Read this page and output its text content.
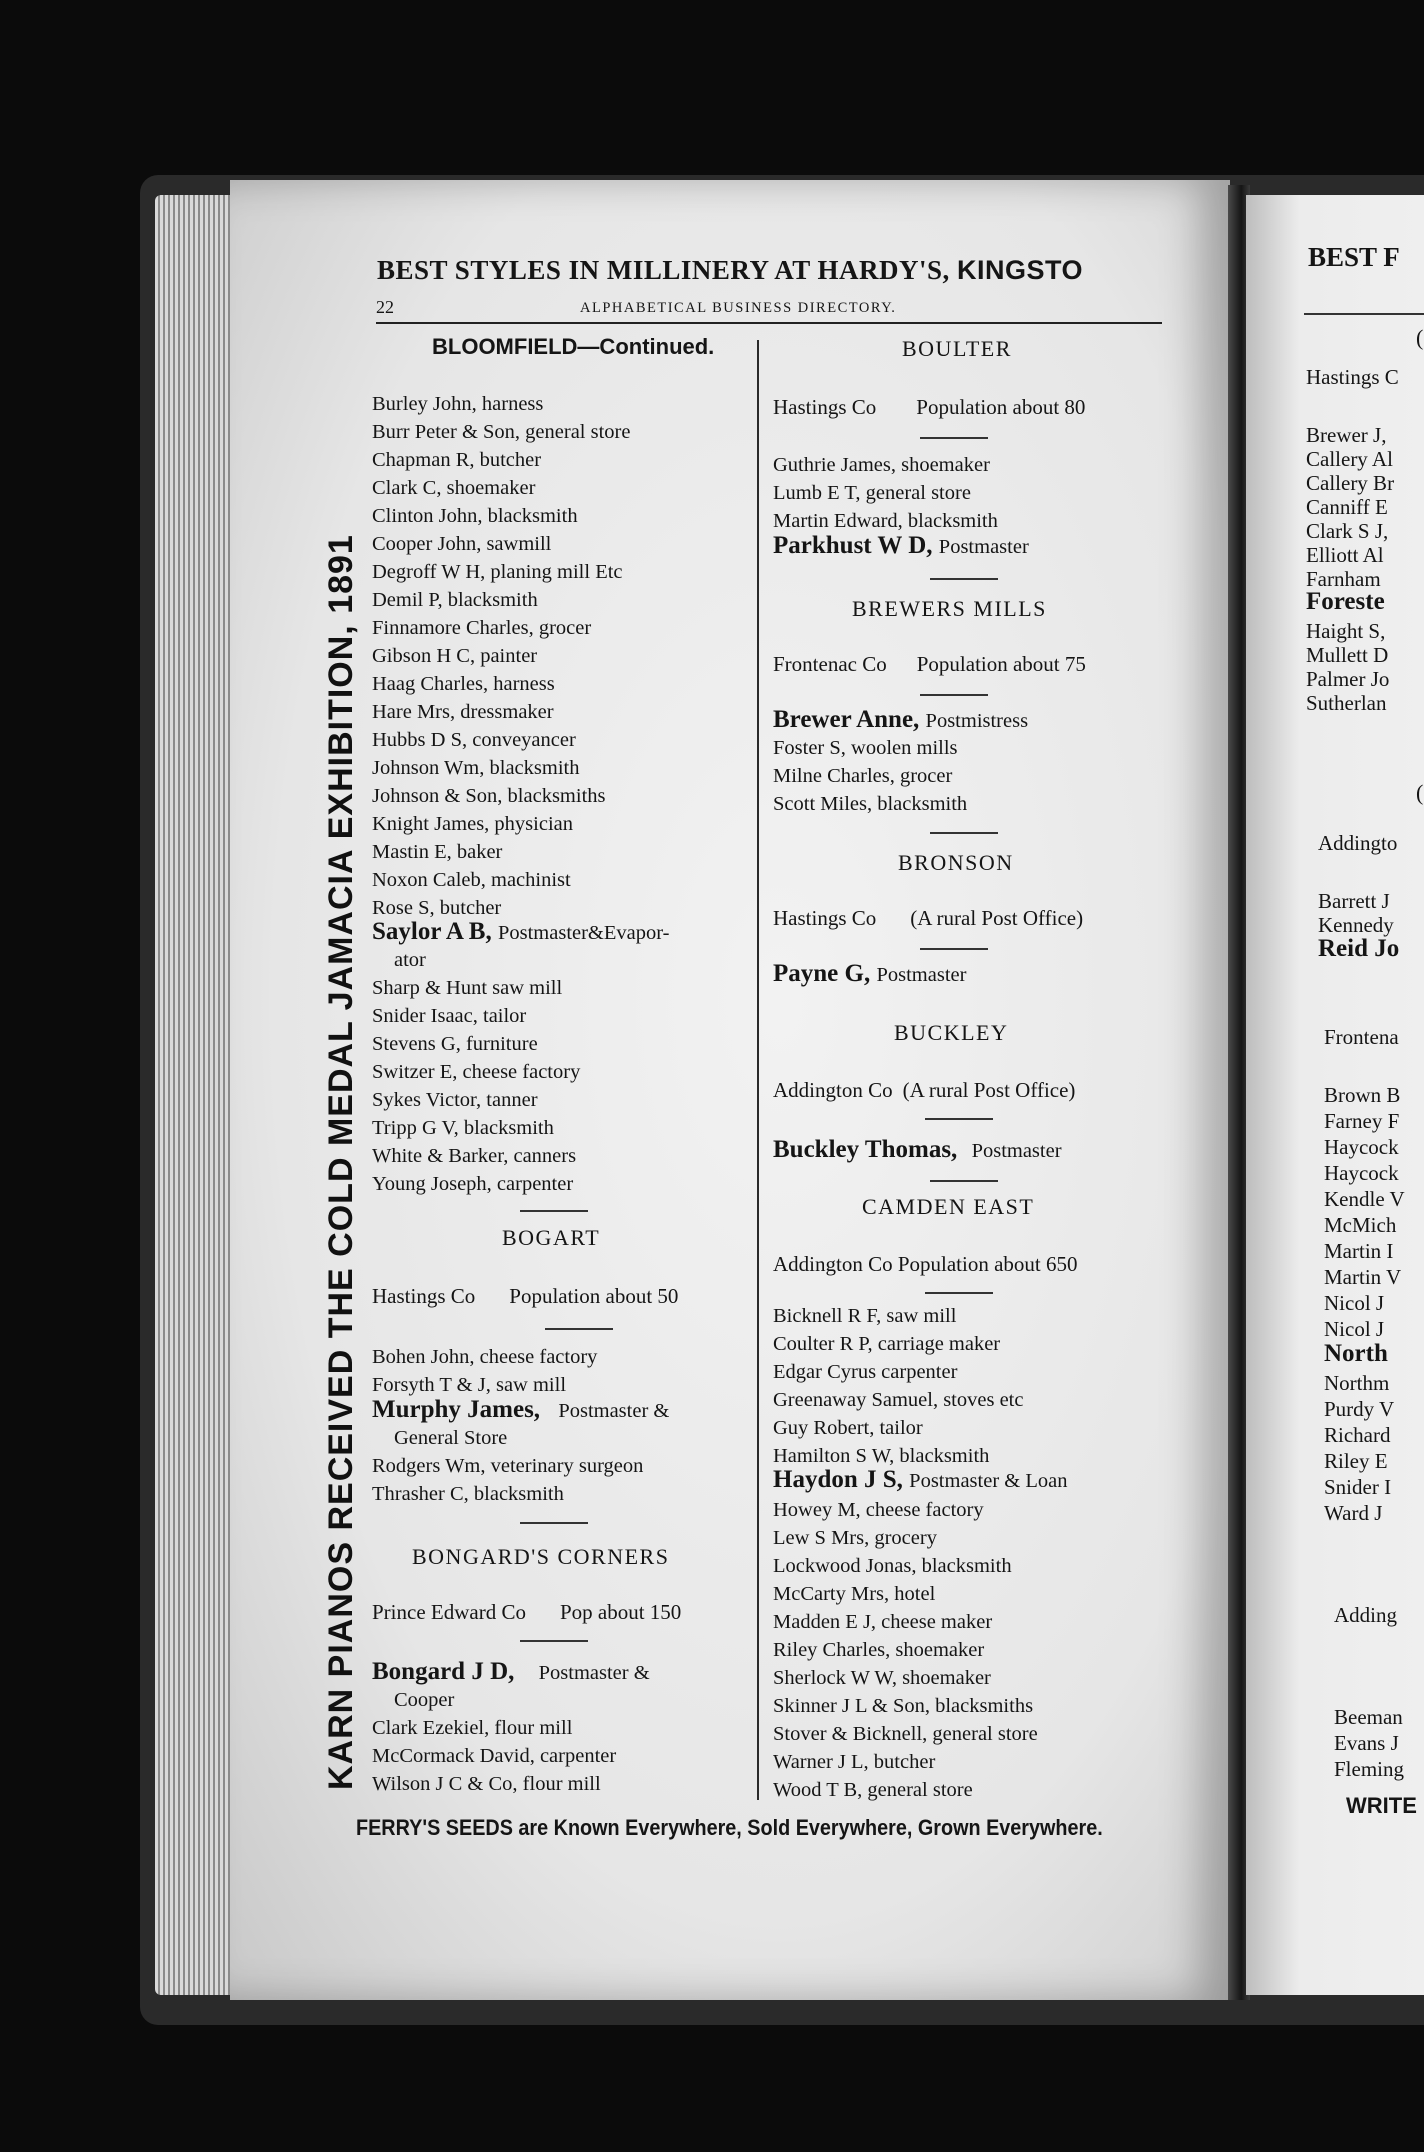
KARN PIANOS RECEIVED THE COLD MEDAL JAMACIA EXHIBITION, 1891
BEST STYLES IN MILLINERY AT HARDY'S, KINGSTO
22	ALPHABETICAL BUSINESS DIRECTORY.
BLOOMFIELD—Continued.
Burley John, harness
Burr Peter & Son, general store
Chapman R, butcher
Clark C, shoemaker
Clinton John, blacksmith
Cooper John, sawmill
Degroff W H, planing mill Etc
Demil P, blacksmith
Finnamore Charles, grocer
Gibson H C, painter
Haag Charles, harness
Hare Mrs, dressmaker
Hubbs D S, conveyancer
Johnson Wm, blacksmith
Johnson & Son, blacksmiths
Knight James, physician
Mastin E, baker
Noxon Caleb, machinist
Rose S, butcher
Saylor A B, Postmaster&Evapor-
ator
Sharp & Hunt saw mill
Snider Isaac, tailor
Stevens G, furniture
Switzer E, cheese factory
Sykes Victor, tanner
Tripp G V, blacksmith
White & Barker, canners
Young Joseph, carpenter
BOGART
Hastings Co Population about 50
Bohen John, cheese factory
Forsyth T & J, saw mill
Murphy James, Postmaster &
General Store
Rodgers Wm, veterinary surgeon
Thrasher C, blacksmith
BONGARD'S CORNERS
Prince Edward Co Pop about 150
Bongard J D, Postmaster &
Cooper
Clark Ezekiel, flour mill
McCormack David, carpenter
Wilson J C & Co, flour mill
BOULTER
Hastings Co Population about 80
Guthrie James, shoemaker
Lumb E T, general store
Martin Edward, blacksmith
Parkhust W D, Postmaster
BREWERS MILLS
Frontenac Co Population about 75
Brewer Anne, Postmistress
Foster S, woolen mills
Milne Charles, grocer
Scott Miles, blacksmith
BRONSON
Hastings Co (A rural Post Office)
Payne G, Postmaster
BUCKLEY
Addington Co (A rural Post Office)
Buckley Thomas, Postmaster
CAMDEN EAST
Addington Co Population about 650
Bicknell R F, saw mill
Coulter R P, carriage maker
Edgar Cyrus carpenter
Greenaway Samuel, stoves etc
Guy Robert, tailor
Hamilton S W, blacksmith
Haydon J S, Postmaster & Loan
Howey M, cheese factory
Lew S Mrs, grocery
Lockwood Jonas, blacksmith
McCarty Mrs, hotel
Madden E J, cheese maker
Riley Charles, shoemaker
Sherlock W W, shoemaker
Skinner J L & Son, blacksmiths
Stover & Bicknell, general store
Warner J L, butcher
Wood T B, general store
FERRY'S SEEDS are Known Everywhere, Sold Everywhere, Grown Everywhere.
BEST F
(
Hastings C
Brewer J,
Callery Al
Callery Br
Canniff E
Clark S J,
Elliott Al
Farnham
Foreste
Haight S,
Mullett D
Palmer Jo
Sutherlan
(
Addingto
Barrett J
Kennedy
Reid Jo
Frontena
Brown B
Farney F
Haycock
Haycock
Kendle V
McMich
Martin I
Martin V
Nicol J
Nicol J
North
Northm
Purdy V
Richard
Riley E
Snider I
Ward J
Adding
Beeman
Evans J
Fleming
WRITE
